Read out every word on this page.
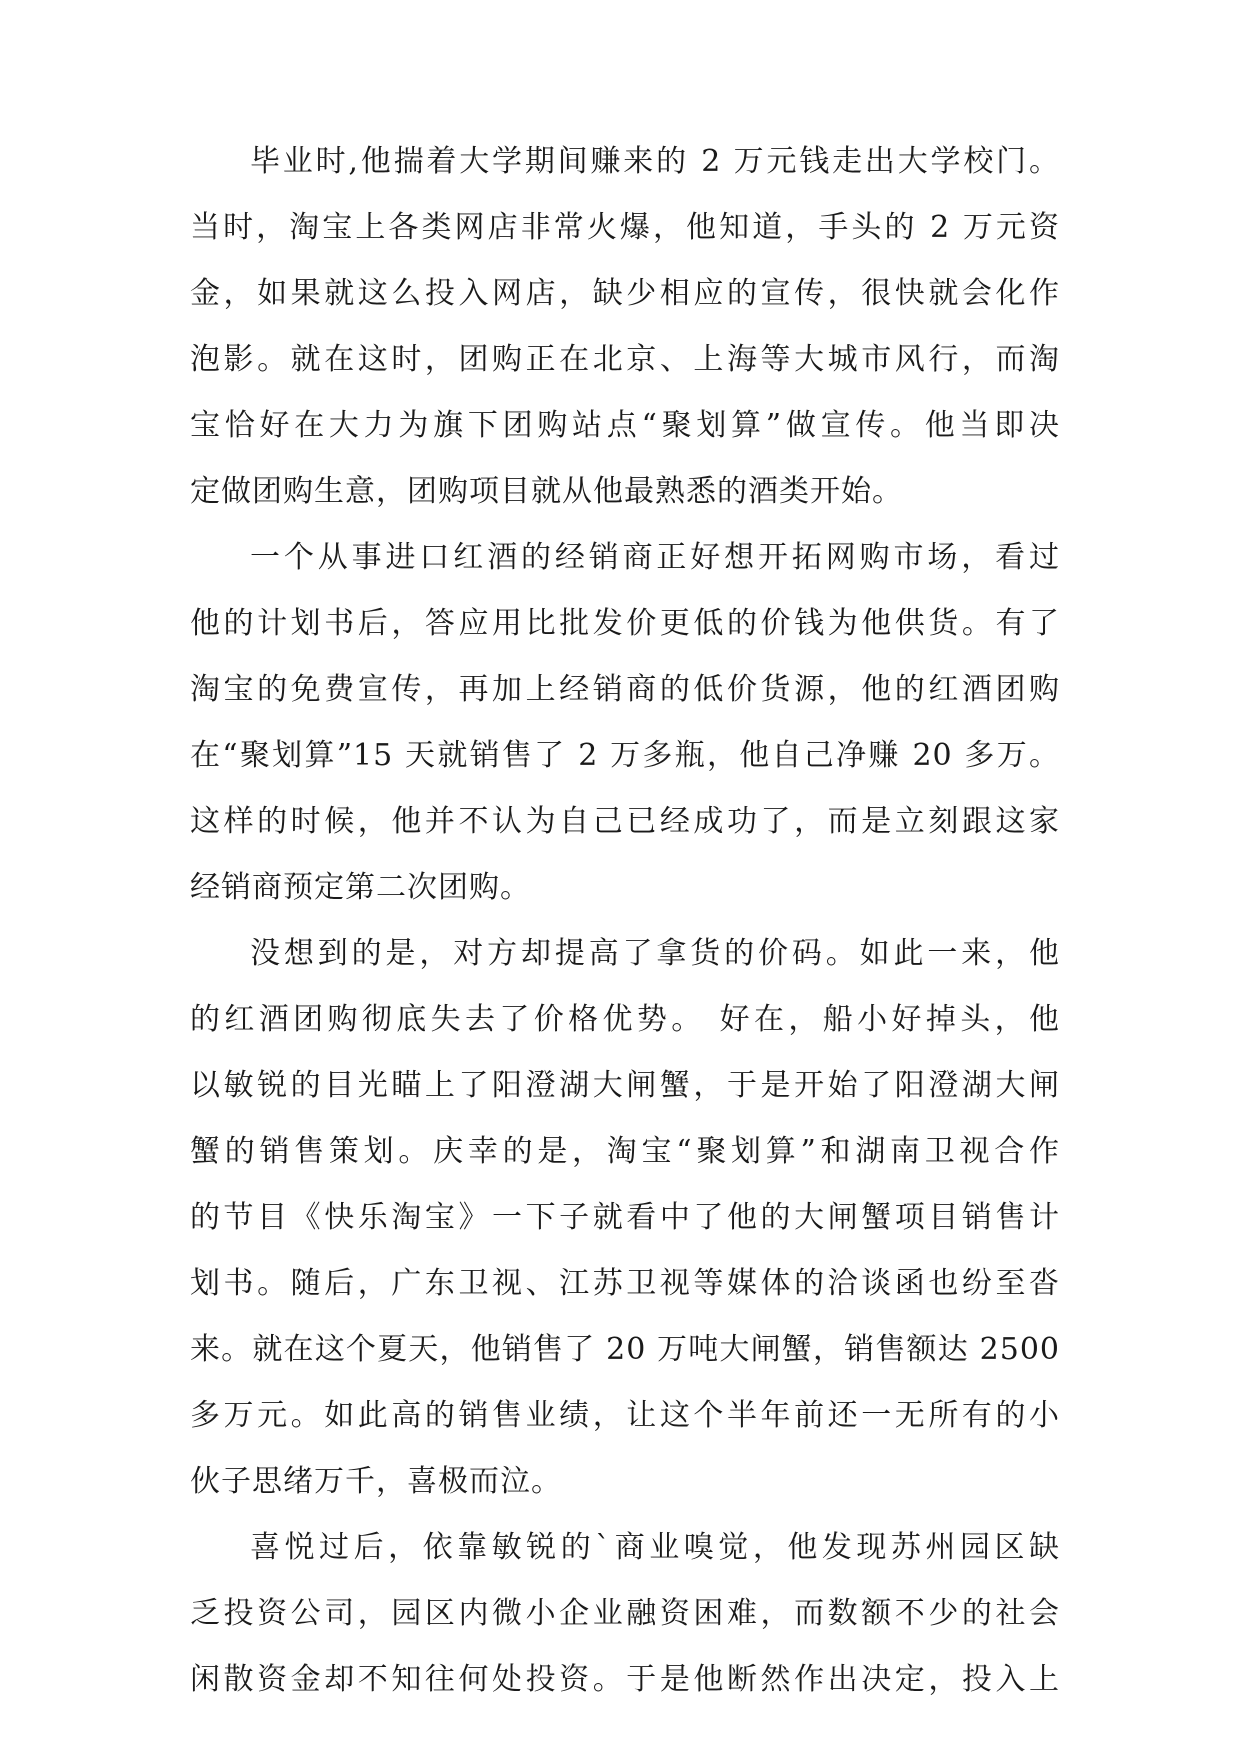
毕业时,他揣着大学期间赚来的 2 万元钱走出大学校门。
当时，淘宝上各类网店非常火爆，他知道，手头的 2 万元资
金，如果就这么投入网店，缺少相应的宣传，很快就会化作
泡影。就在这时，团购正在北京、上海等大城市风行，而淘
宝恰好在大力为旗下团购站点“聚划算”做宣传。他当即决
定做团购生意，团购项目就从他最熟悉的酒类开始。
一个从事进口红酒的经销商正好想开拓网购市场，看过
他的计划书后，答应用比批发价更低的价钱为他供货。有了
淘宝的免费宣传，再加上经销商的低价货源，他的红酒团购
在“聚划算”15 天就销售了 2 万多瓶，他自己净赚 20 多万。
这样的时候，他并不认为自己已经成功了，而是立刻跟这家
经销商预定第二次团购。
没想到的是，对方却提高了拿货的价码。如此一来，他
的红酒团购彻底失去了价格优势。 好在，船小好掉头，他
以敏锐的目光瞄上了阳澄湖大闸蟹，于是开始了阳澄湖大闸
蟹的销售策划。庆幸的是，淘宝“聚划算”和湖南卫视合作
的节目《快乐淘宝》一下子就看中了他的大闸蟹项目销售计
划书。随后，广东卫视、江苏卫视等媒体的洽谈函也纷至沓
来。就在这个夏天，他销售了 20 万吨大闸蟹，销售额达 2500
多万元。如此高的销售业绩，让这个半年前还一无所有的小
伙子思绪万千，喜极而泣。
喜悦过后，依靠敏锐的`商业嗅觉，他发现苏州园区缺
乏投资公司，园区内微小企业融资困难，而数额不少的社会
闲散资金却不知往何处投资。于是他断然作出决定，投入上
